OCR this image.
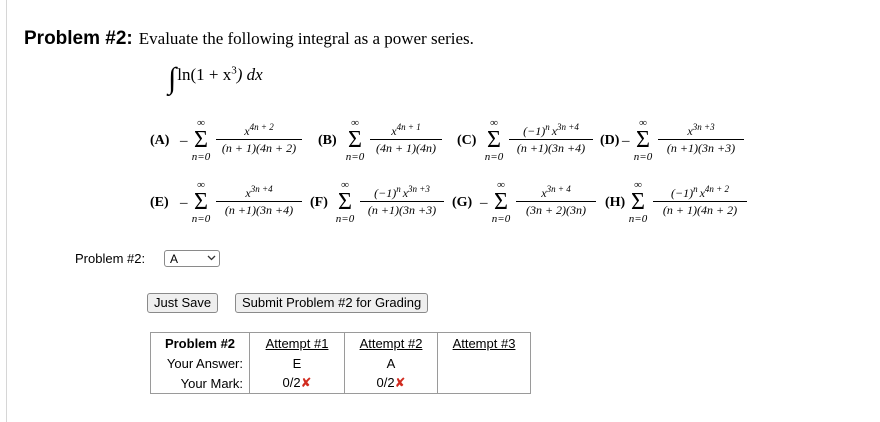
Problem #2: Evaluate the following integral as a power series.
$\int\ln(1 + x^3)$ dx
(A) –
∞
Σ
n=0
$x^{4n + 2}$
(n + 1)(4n + 2)	(B)
∞
Σ
n=0
$x^{4n + 1}$
(4n + 1)(4n)	(C)
∞
Σ
n=0
$(-1)^n$ $x^{3n +4}$
(n +1)(3n +4)	(D) –
∞
Σ
n=0
$x^{3n +3}$
(n +1)(3n +3)
(E) –
∞
Σ
n=0
$x^{3n +4}$
(n +1)(3n +4)	(F)
∞
Σ
n=0
$(-1)^n$ $x^{3n +3}$
(n +1)(3n +3)	(G) –
∞
Σ
n=0
$x^{3n + 4}$
(3n + 2)(3n)	(H)
∞
Σ
n=0
$(-1)^n$ $x^{4n + 2}$
(n + 1)(4n + 2)
Problem #2: A
Just Save	Submit Problem #2 for Grading
Problem #2	Attempt #1	Attempt #2	Attempt #3
Your Answer:	E	A	
Your Mark:	0/2✘	0/2✘	
